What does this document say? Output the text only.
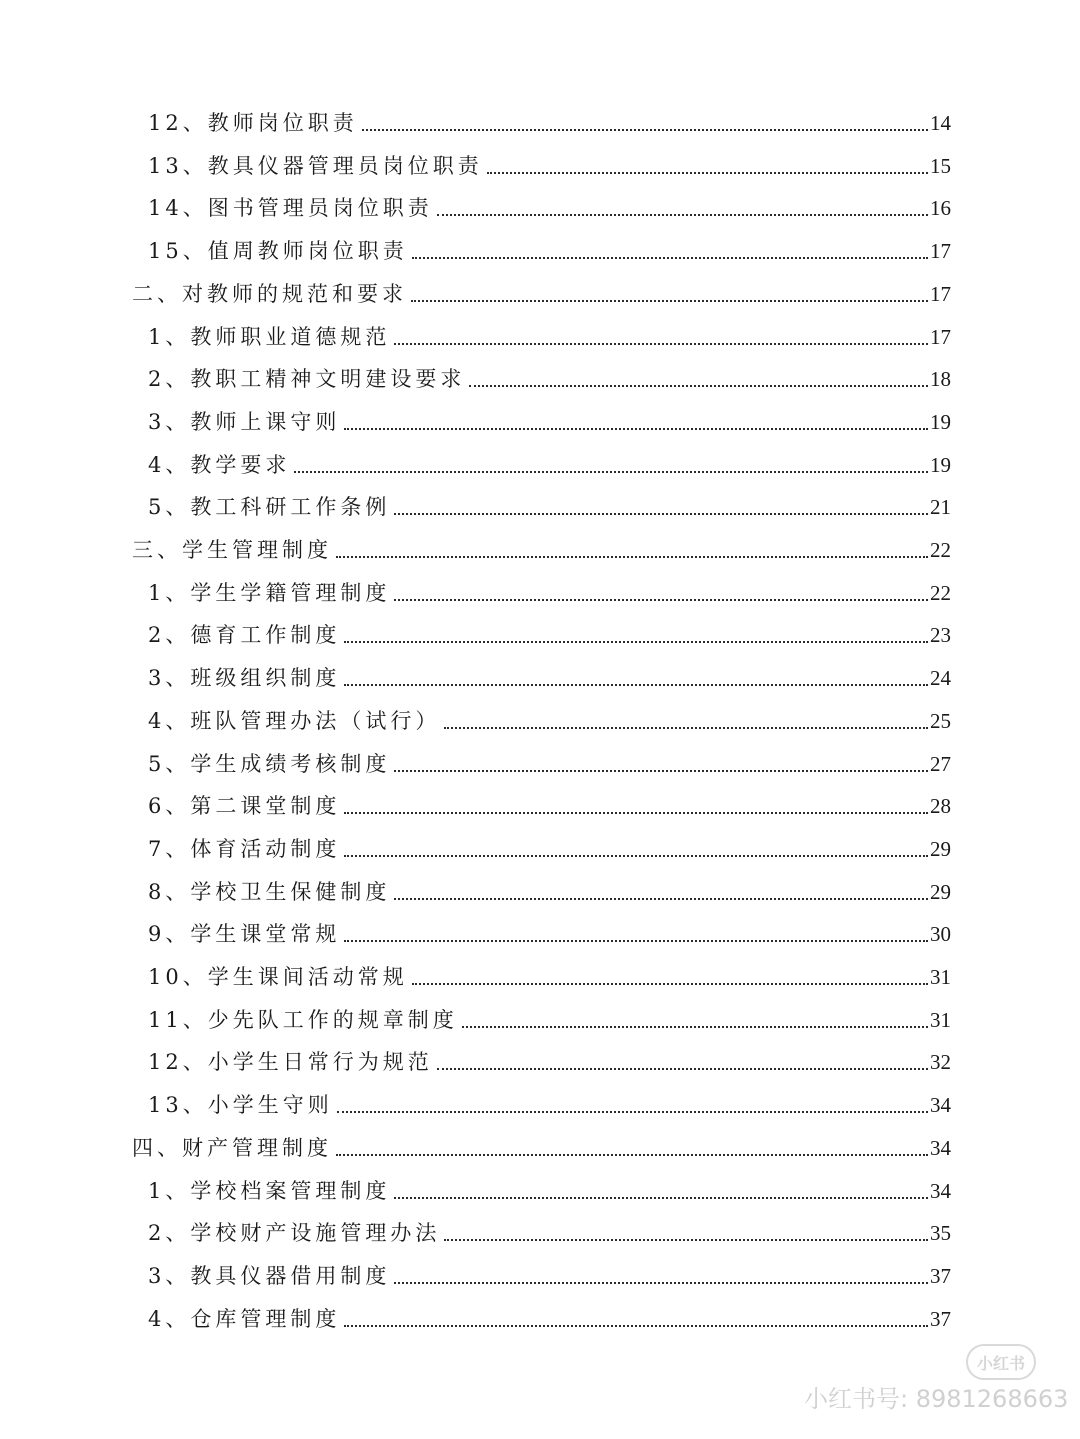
12、教师岗位职责	14
13、教具仪器管理员岗位职责	15
14、图书管理员岗位职责	16
15、值周教师岗位职责	17
二、对教师的规范和要求	17
1、教师职业道德规范	17
2、教职工精神文明建设要求	18
3、教师上课守则	19
4、教学要求	19
5、教工科研工作条例	21
三、学生管理制度	22
1、学生学籍管理制度	22
2、德育工作制度	23
3、班级组织制度	24
4、班队管理办法（试行）	25
5、学生成绩考核制度	27
6、第二课堂制度	28
7、体育活动制度	29
8、学校卫生保健制度	29
9、学生课堂常规	30
10、学生课间活动常规	31
11、少先队工作的规章制度	31
12、小学生日常行为规范	32
13、小学生守则	34
四、财产管理制度	34
1、学校档案管理制度	34
2、学校财产设施管理办法	35
3、教具仪器借用制度	37
4、仓库管理制度	37
小红书
小红书号: 8981268663
